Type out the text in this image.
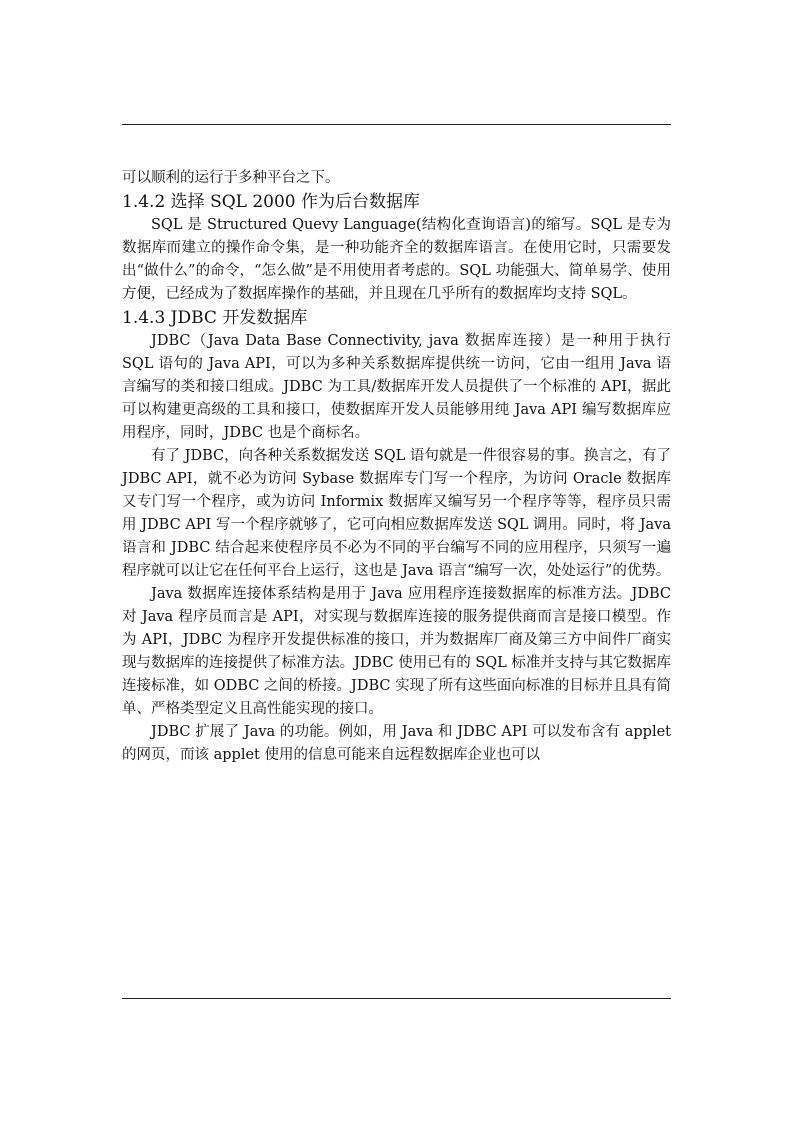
可以顺利的运行于多种平台之下。

1.4.2 选择 SQL 2000 作为后台数据库

SQL 是 Structured Quevy Language(结构化查询语言)的缩写。SQL 是专为数据库而建立的操作命令集，是一种功能齐全的数据库语言。在使用它时，只需要发出“做什么”的命令，“怎么做”是不用使用者考虑的。SQL 功能强大、简单易学、使用方便，已经成为了数据库操作的基础，并且现在几乎所有的数据库均支持 SQL。

1.4.3 JDBC 开发数据库

JDBC（Java Data Base Connectivity, java 数据库连接）是一种用于执行 SQL 语句的 Java API，可以为多种关系数据库提供统一访问，它由一组用 Java 语言编写的类和接口组成。JDBC 为工具/数据库开发人员提供了一个标准的 API，据此可以构建更高级的工具和接口，使数据库开发人员能够用纯 Java API 编写数据库应用程序，同时，JDBC 也是个商标名。

有了 JDBC，向各种关系数据发送 SQL 语句就是一件很容易的事。换言之，有了 JDBC API，就不必为访问 Sybase 数据库专门写一个程序，为访问 Oracle 数据库又专门写一个程序，或为访问 Informix 数据库又编写另一个程序等等，程序员只需用 JDBC API 写一个程序就够了，它可向相应数据库发送 SQL 调用。同时，将 Java 语言和 JDBC 结合起来使程序员不必为不同的平台编写不同的应用程序，只须写一遍程序就可以让它在任何平台上运行，这也是 Java 语言“编写一次，处处运行”的优势。

Java 数据库连接体系结构是用于 Java 应用程序连接数据库的标准方法。JDBC 对 Java 程序员而言是 API，对实现与数据库连接的服务提供商而言是接口模型。作为 API，JDBC 为程序开发提供标准的接口，并为数据库厂商及第三方中间件厂商实现与数据库的连接提供了标准方法。JDBC 使用已有的 SQL 标准并支持与其它数据库连接标准，如 ODBC 之间的桥接。JDBC 实现了所有这些面向标准的目标并且具有简单、严格类型定义且高性能实现的接口。

JDBC 扩展了 Java 的功能。例如，用 Java 和 JDBC API 可以发布含有 applet 的网页，而该 applet 使用的信息可能来自远程数据库企业也可以
